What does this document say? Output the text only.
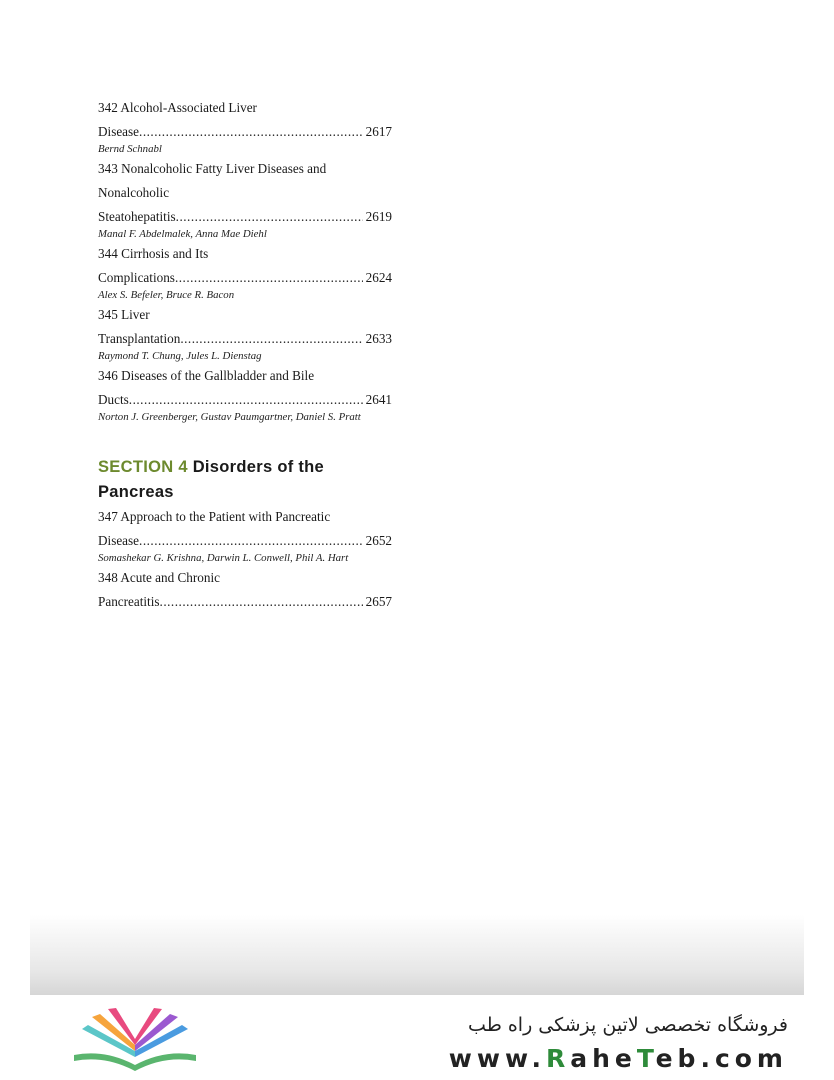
342 Alcohol-Associated Liver
Disease .....	2617
Bernd Schnabl
343 Nonalcoholic Fatty Liver Diseases and
Nonalcoholic
Steatohepatitis .....	2619
Manal F. Abdelmalek, Anna Mae Diehl
344 Cirrhosis and Its
Complications .....	2624
Alex S. Befeler, Bruce R. Bacon
345 Liver
Transplantation .....	2633
Raymond T. Chung, Jules L. Dienstag
346 Diseases of the Gallbladder and Bile
Ducts .....	2641
Norton J. Greenberger, Gustav Paumgartner, Daniel S. Pratt
SECTION 4 Disorders of the
Pancreas
347 Approach to the Patient with Pancreatic
Disease .....	2652
Somashekar G. Krishna, Darwin L. Conwell, Phil A. Hart
348 Acute and Chronic
Pancreatitis .....	2657
فروشگاه تخصصی لاتین پزشکی راه طب
www.RaheTeb.com
